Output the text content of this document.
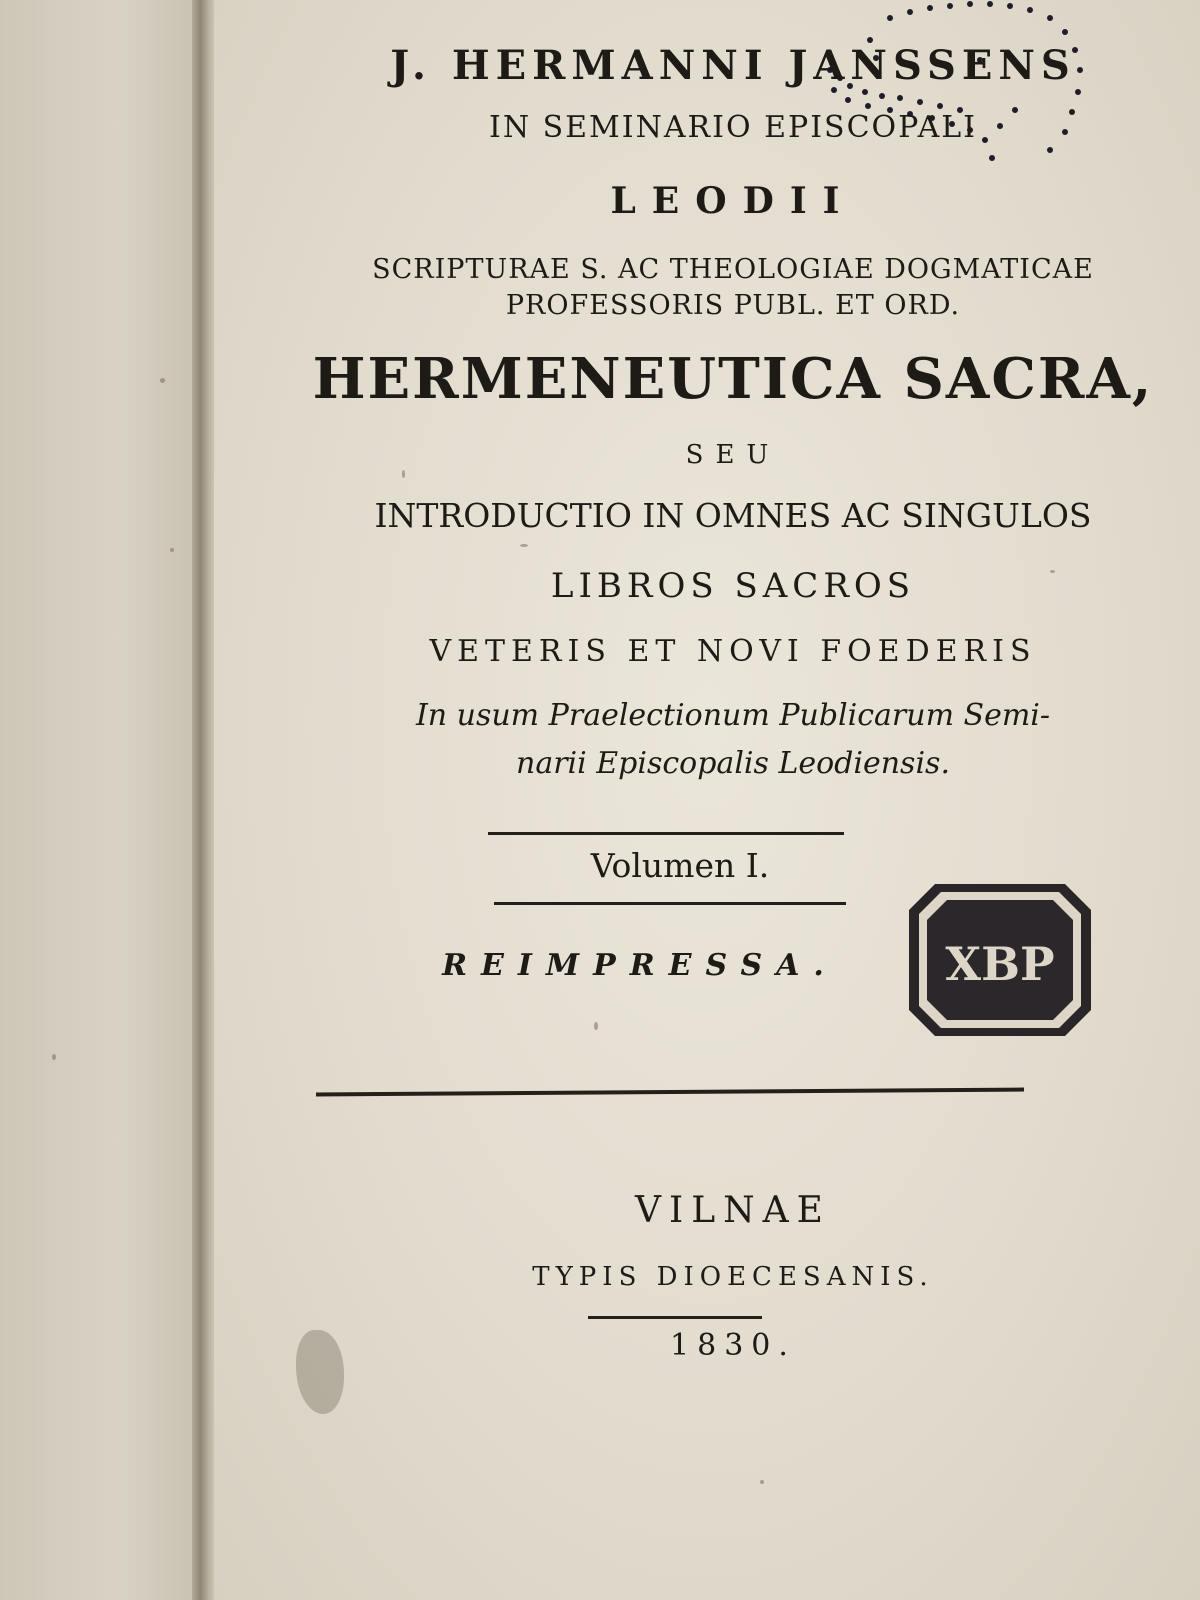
XBP

J. HERMANNI JANSSENS

IN SEMINARIO EPISCOPALI

LEODII

SCRIPTURAE S. AC THEOLOGIAE DOGMATICAE

PROFESSORIS PUBL. ET ORD.

HERMENEUTICA SACRA,

SEU

INTRODUCTIO IN OMNES AC SINGULOS

LIBROS SACROS

VETERIS ET NOVI FOEDERIS

In usum Praelectionum Publicarum Semi-

narii Episcopalis Leodiensis.

Volumen I.

REIMPRESSA.

VILNAE

TYPIS DIOECESANIS.

1830.
